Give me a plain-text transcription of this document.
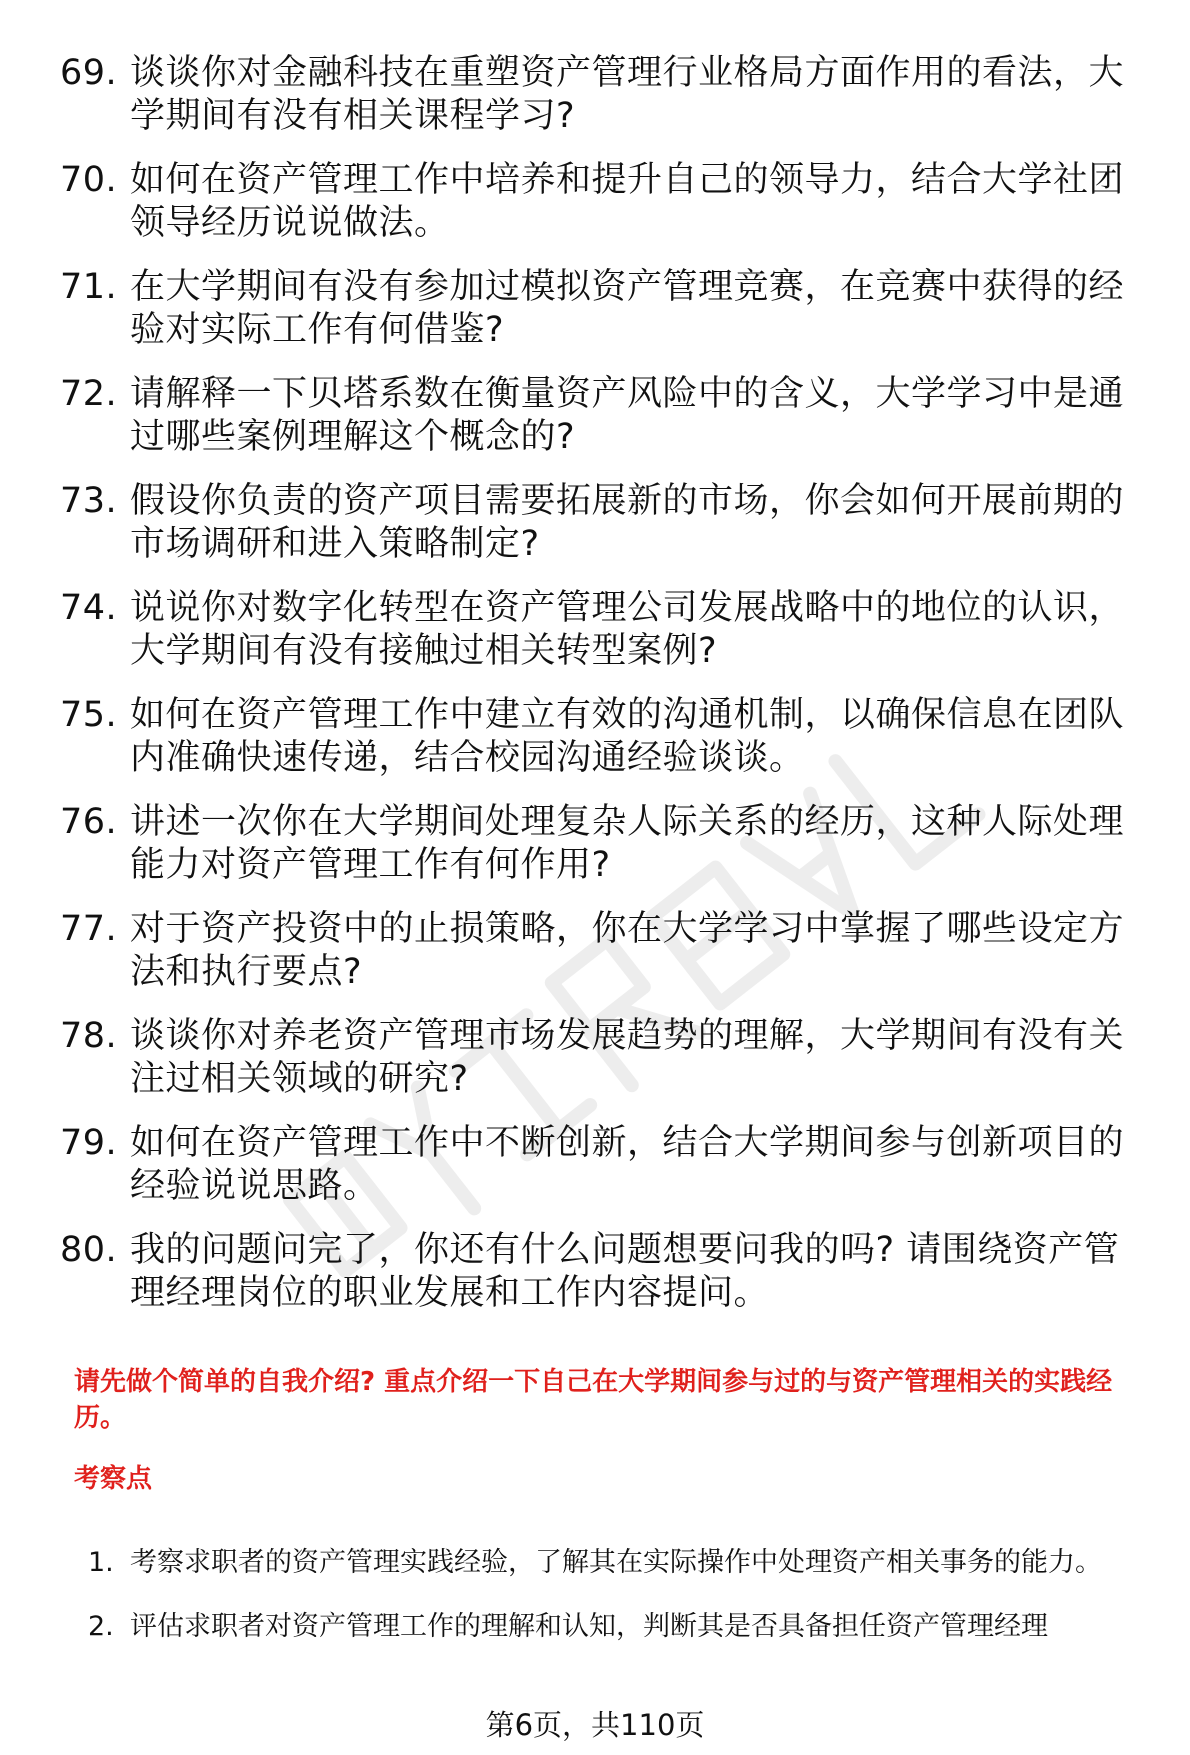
69. 谈谈你对金融科技在重塑资产管理行业格局方面作用的看法，大学期间有没有相关课程学习?
70. 如何在资产管理工作中培养和提升自己的领导力，结合大学社团领导经历说说做法。
71. 在大学期间有没有参加过模拟资产管理竞赛，在竞赛中获得的经验对实际工作有何借鉴?
72. 请解释一下贝塔系数在衡量资产风险中的含义，大学学习中是通过哪些案例理解这个概念的?
73. 假设你负责的资产项目需要拓展新的市场，你会如何开展前期的市场调研和进入策略制定?
74. 说说你对数字化转型在资产管理公司发展战略中的地位的认识，大学期间有没有接触过相关转型案例?
75. 如何在资产管理工作中建立有效的沟通机制，以确保信息在团队内准确快速传递，结合校园沟通经验谈谈。
76. 讲述一次你在大学期间处理复杂人际关系的经历，这种人际处理能力对资产管理工作有何作用?
77. 对于资产投资中的止损策略，你在大学学习中掌握了哪些设定方法和执行要点?
78. 谈谈你对养老资产管理市场发展趋势的理解，大学期间有没有关注过相关领域的研究?
79. 如何在资产管理工作中不断创新，结合大学期间参与创新项目的经验说说思路。
80. 我的问题问完了，你还有什么问题想要问我的吗? 请围绕资产管理经理岗位的职业发展和工作内容提问。
请先做个简单的自我介绍? 重点介绍一下自己在大学期间参与过的与资产管理相关的实践经历。
考察点
1. 考察求职者的资产管理实践经验，了解其在实际操作中处理资产相关事务的能力。
2. 评估求职者对资产管理工作的理解和认知，判断其是否具备担任资产管理经理
第6页，共110页
